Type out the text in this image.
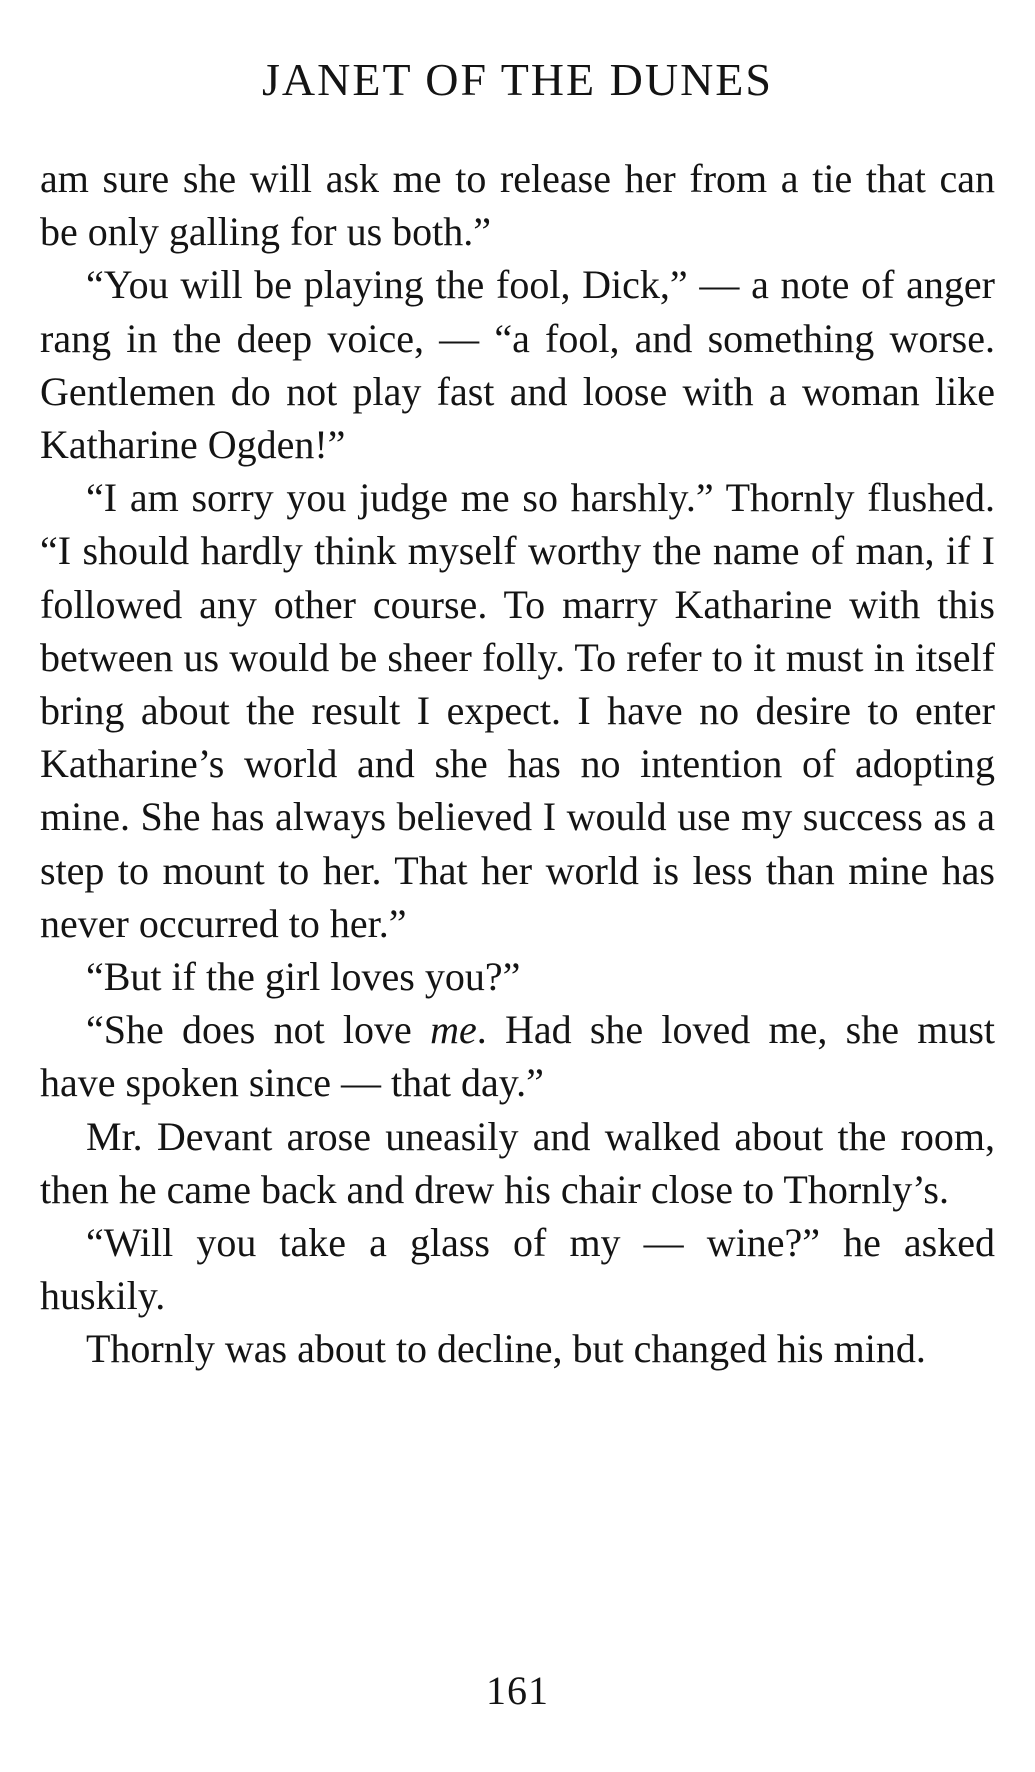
JANET OF THE DUNES

am sure she will ask me to release her from a tie that can be only galling for us both.”

“You will be playing the fool, Dick,” — a note of anger rang in the deep voice, — “a fool, and something worse. Gentlemen do not play fast and loose with a woman like Katharine Ogden!”

“I am sorry you judge me so harshly.” Thornly flushed. “I should hardly think myself worthy the name of man, if I followed any other course. To marry Katharine with this between us would be sheer folly. To refer to it must in itself bring about the result I expect. I have no desire to enter Katharine’s world and she has no intention of adopting mine. She has always believed I would use my success as a step to mount to her. That her world is less than mine has never occurred to her.”

“But if the girl loves you?”

“She does not love me. Had she loved me, she must have spoken since — that day.”

Mr. Devant arose uneasily and walked about the room, then he came back and drew his chair close to Thornly’s.

“Will you take a glass of my — wine?” he asked huskily.

Thornly was about to decline, but changed his mind.

161
